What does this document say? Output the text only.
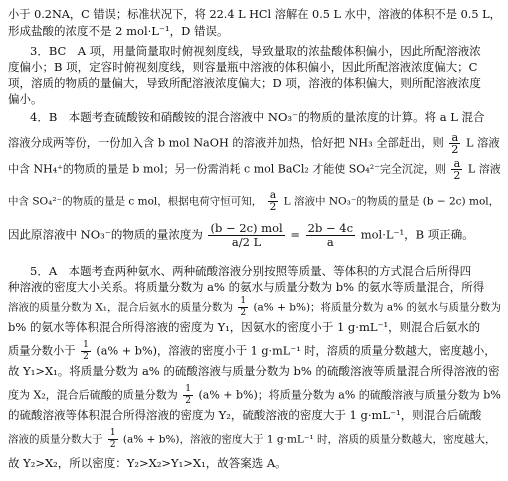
小于 0.2NA，C 错误；标准状况下，将 22.4 L HCl 溶解在 0.5 L 水中，溶液的体积不是 0.5 L，
形成盐酸的浓度不是 2 mol·L⁻¹，D 错误。
3．BC　A 项，用量筒量取时俯视刻度线，导致量取的浓盐酸体积偏小，因此所配溶液浓
度偏小；B 项，定容时俯视刻度线，则容量瓶中溶液的体积偏小，因此所配溶液浓度偏大；C
项，溶质的物质的量偏大，导致所配溶液浓度偏大；D 项，溶液的体积偏大，则所配溶液浓度
偏小。
4．B　本题考查硫酸铵和硝酸铵的混合溶液中 NO₃⁻的物质的量浓度的计算。将 a L 混合
溶液分成两等份，一份加入含 b mol NaOH 的溶液并加热，恰好把 NH₃ 全部赶出，则 $\frac{a}{2}$ L 溶液
中含 NH₄⁺的物质的量是 b mol；另一份需消耗 c mol BaCl₂ 才能使 SO₄²⁻完全沉淀，则 $\frac{a}{2}$ L 溶液
中含 SO₄²⁻的物质的量是 c mol，根据电荷守恒可知， $\frac{a}{2}$ L 溶液中 NO₃⁻的物质的量是 (b − 2c) mol，
因此原溶液中 NO₃⁻的物质的量浓度为 $\frac{\text{(b − 2c) mol}}{a/2 L} = \frac{2b - 4c}{a} mol\cdot L^{-1}$，B 项正确。
5．A　本题考查两种氨水、两种硫酸溶液分别按照等质量、等体积的方式混合后所得四
种溶液的密度大小关系。将质量分数为 a% 的氨水与质量分数为 b% 的氨水等质量混合，所得
溶液的质量分数为 X₁，混合后氨水的质量分数为 $\frac{1}{2} (a\% + b\%)$；将质量分数为 a% 的氨水与质量分数为
b% 的氨水等体积混合所得溶液的密度为 Y₁，因氨水的密度小于 1 g·mL⁻¹，则混合后氨水的
质量分数小于 $\frac{1}{2} (a\% + b\%)$，溶液的密度小于 1 g·mL⁻¹ 时，溶质的质量分数越大，密度越小，
故 Y₁>X₁。将质量分数为 a% 的硫酸溶液与质量分数为 b% 的硫酸溶液等质量混合所得溶液的密
度为 X₂，混合后硫酸的质量分数为 $\frac{1}{2} (a\% + b\%)$；将质量分数为 a% 的硫酸溶液与质量分数为 b%
的硫酸溶液等体积混合所得溶液的密度为 Y₂，硫酸溶液的密度大于 1 g·mL⁻¹，则混合后硫酸
溶液的质量分数大于 $\frac{1}{2} (a\% + b\%)$，溶液的密度大于 1 g·mL⁻¹ 时，溶质的质量分数越大，密度越大，
故 Y₂>X₂，所以密度：Y₂>X₂>Y₁>X₁，故答案选 A。
